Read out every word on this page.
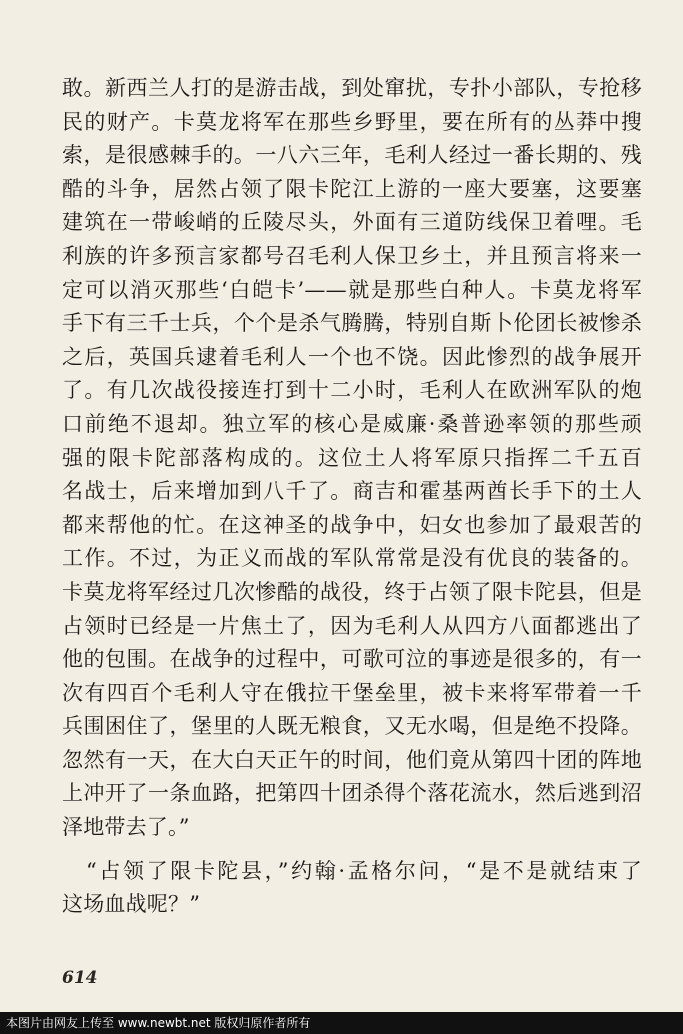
敢。新西兰人打的是游击战，到处窜扰，专扑小部队，专抢移
民的财产。卡莫龙将军在那些乡野里，要在所有的丛莽中搜
索，是很感棘手的。一八六三年，毛利人经过一番长期的、残
酷的斗争，居然占领了限卡陀江上游的一座大要塞，这要塞
建筑在一带峻峭的丘陵尽头，外面有三道防线保卫着哩。毛
利族的许多预言家都号召毛利人保卫乡土，并且预言将来一
定可以消灭那些‘白皑卡’——就是那些白种人。卡莫龙将军
手下有三千士兵，个个是杀气腾腾，特别自斯卜伦团长被惨杀
之后，英国兵逮着毛利人一个也不饶。因此惨烈的战争展开
了。有几次战役接连打到十二小时，毛利人在欧洲军队的炮
口前绝不退却。独立军的核心是威廉·桑普逊率领的那些顽
强的限卡陀部落构成的。这位土人将军原只指挥二千五百
名战士，后来增加到八千了。商吉和霍基两酋长手下的土人
都来帮他的忙。在这神圣的战争中，妇女也参加了最艰苦的
工作。不过，为正义而战的军队常常是没有优良的装备的。
卡莫龙将军经过几次惨酷的战役，终于占领了限卡陀县，但是
占领时已经是一片焦土了，因为毛利人从四方八面都逃出了
他的包围。在战争的过程中，可歌可泣的事迹是很多的，有一
次有四百个毛利人守在俄拉干堡垒里，被卡来将军带着一千
兵围困住了，堡里的人既无粮食，又无水喝，但是绝不投降。
忽然有一天，在大白天正午的时间，他们竟从第四十团的阵地
上冲开了一条血路，把第四十团杀得个落花流水，然后逃到沼
泽地带去了。”
“占领了限卡陀县，”约翰·孟格尔问，“是不是就结束了
这场血战呢？”
614
本图片由网友上传至 www.newbt.net 版权归原作者所有
